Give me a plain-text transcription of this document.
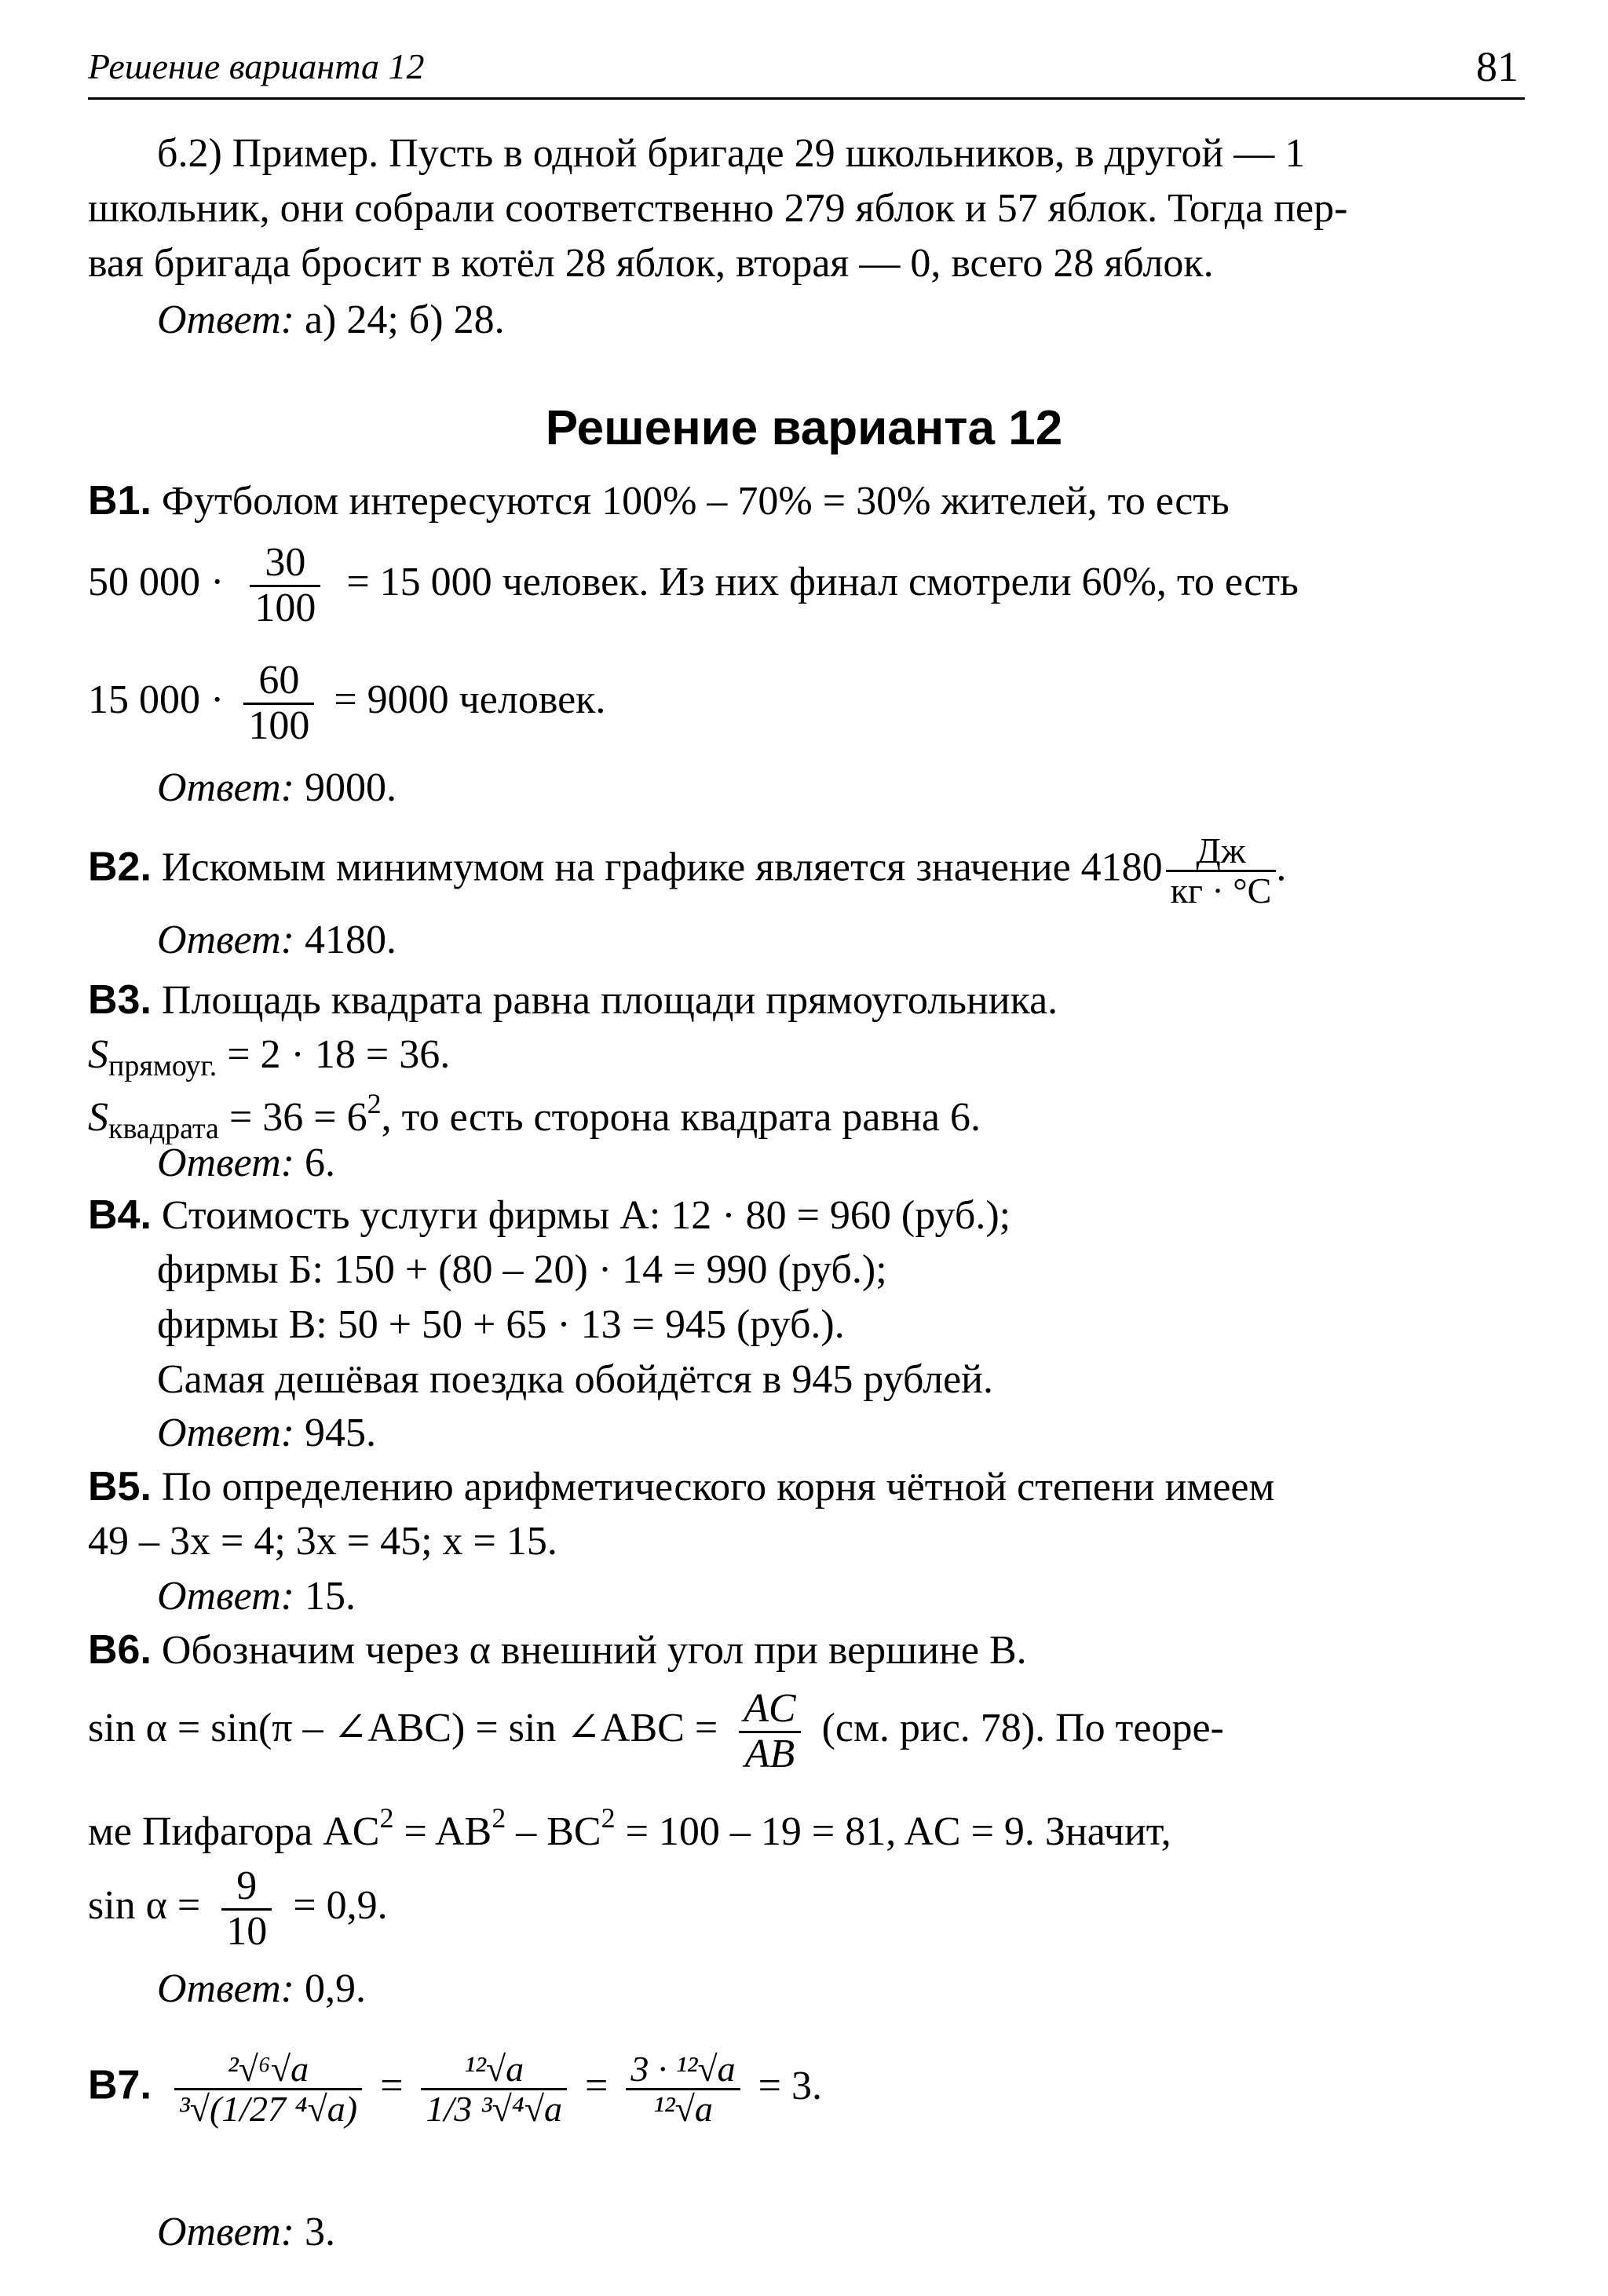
Решение варианта 12	81
б.2) Пример. Пусть в одной бригаде 29 школьников, в другой — 1
школьник, они собрали соответственно 279 яблок и 57 яблок. Тогда пер-
вая бригада бросит в котёл 28 яблок, вторая — 0, всего 28 яблок.
Ответ: а) 24; б) 28.
Решение варианта 12
B1. Футболом интересуются 100% – 70% = 30% жителей, то есть
50 $000 \cdot \frac{30}{100} = 15$ 000 человек. Из них финал смотрели 60%, то есть
15 $000 \cdot \frac{60}{100} = 9000$ человек.
Ответ: 9000.
B2. Искомым минимумом на графике является значение $4180 \frac{Дж}{кг \cdot ^\circ C}$ .
Ответ: 4180.
B3. Площадь квадрата равна площади прямоугольника.
$S_{прямоуг.} = 2 \cdot 18 = 36$.
$S_{квадрата} = 36 = 6^2$, то есть сторона квадрата равна 6.
Ответ: 6.
B4. Стоимость услуги фирмы А: 12 · 80 = 960 (руб.);
фирмы Б: 150 + (80 – 20) · 14 = 990 (руб.);
фирмы В: 50 + 50 + 65 · 13 = 945 (руб.).
Самая дешёвая поездка обойдётся в 945 рублей.
Ответ: 945.
B5. По определению арифметического корня чётной степени имеем
49 – 3x = 4; 3x = 45; x = 15.
Ответ: 15.
B6. Обозначим через α внешний угол при вершине B.
sin α = sin(π – ∠ABC) = sin ∠ABC = $\frac{AC}{AB} (см$. рис. 78). По теоре-
ме Пифагора $AC^2 = AB^2 - BC^2 = 100 - 19 = 81$, AC = 9. Значит,
$\sin \alpha = \frac{9}{10} = 0,9$.
Ответ: 0,9.
B7. $\frac{\text{²√⁶√a}}{\text{³√(1/27 ⁴√a)}} = \frac{\text{¹²√a}}{\text{1/3 ³√⁴√a}} = \frac{\text{3 · ¹²√a}}{\text{¹²√a}} = 3$.
Ответ: 3.
